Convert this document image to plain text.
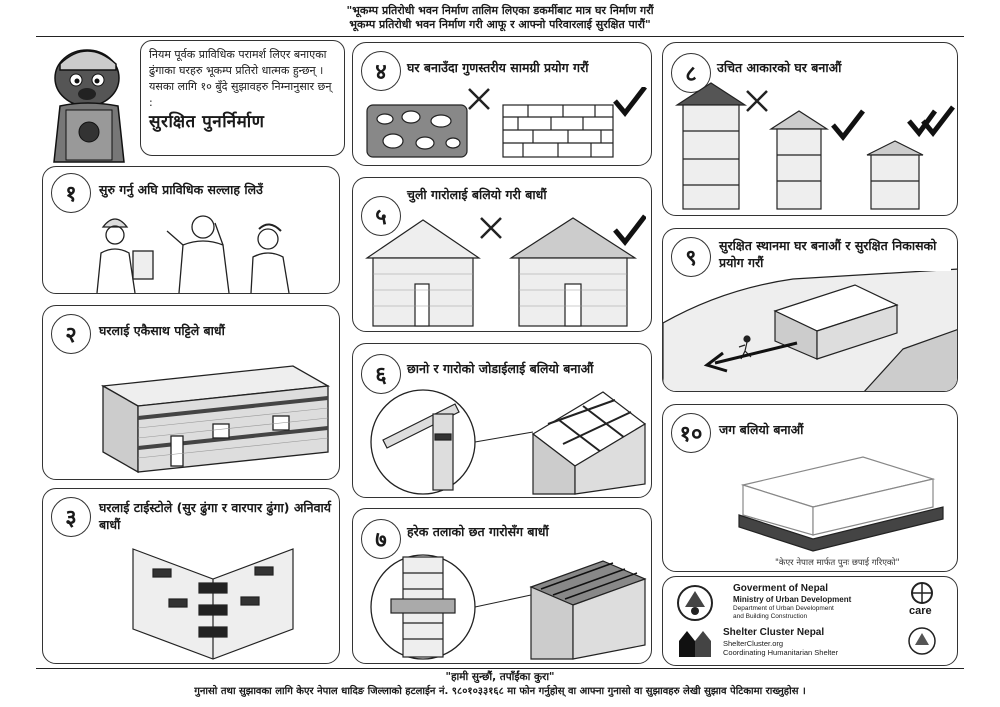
"भूकम्प प्रतिरोधी भवन निर्माण तालिम लिएका डकर्मीबाट मात्र घर निर्माण गरौं
भूकम्प प्रतिरोधी भवन निर्माण गरी आफू र आफ्नो परिवारलाई सुरक्षित पारौं"
नियम पूर्वक प्राविधिक परामर्श लिएर बनाएका ढुंगाका घरहरु भूकम्प प्रतिरो धात्मक हुन्छन् । यसका लागि १० बुँदे सुझावहरु निम्नानुसार छन् :
सुरक्षित पुनर्निर्माण
१	सुरु गर्नु अघि प्राविधिक सल्लाह लिउँ
२	घरलाई एकैसाथ पट्टिले बाधौं
३	घरलाई टाईस्टोले (सुर ढुंगा र वारपार ढुंगा) अनिवार्य बाधौं
४	घर बनाउँदा गुणस्तरीय सामग्री प्रयोग गरौं
५
चुली गारोलाई बलियो गरी बाधौं
६	छानो र गारोको जोडाईलाई बलियो बनाऔं
७	हरेक तलाको छत गारोसँग बाधौं
८	उचित आकारको घर बनाऔं
९
सुरक्षित स्थानमा घर बनाऔं र सुरक्षित निकासको प्रयोग गरौं
१०	जग बलियो बनाऔं
"केएर नेपाल मार्फत पुनः छपाई गरिएको"
Goverment of Nepal
Ministry of Urban Development
Department of Urban Development
and Building Construction
Shelter Cluster Nepal
ShelterCluster.org
Coordinating Humanitarian Shelter
care
"हामी सुन्छौं, तपाँईंका कुरा"
गुनासो तथा सुझावका लागि केएर नेपाल धादिङ जिल्लाको हटलाईन नं. ९८०१०३३१६८ मा फोन गर्नुहोस् वा आफ्ना गुनासो वा सुझावहरु लेखी सुझाव पेटिकामा राख्नुहोस ।
